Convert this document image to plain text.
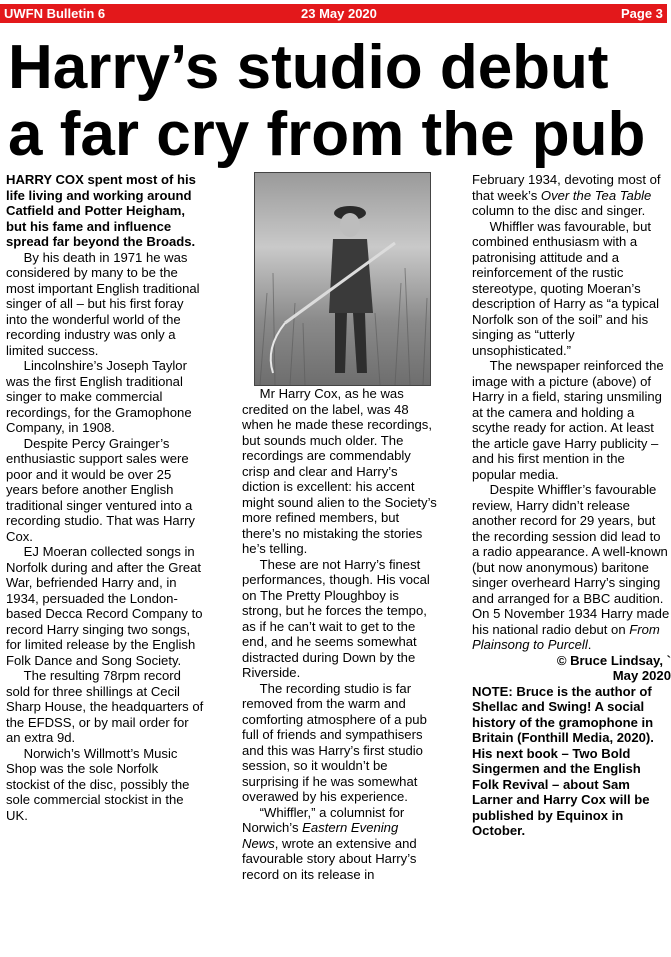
UWFN Bulletin 6	23 May 2020	Page 3
Harry’s studio debut
a far cry from the pub

HARRY COX spent most of his life living and working around Catfield and Potter Heigham, but his fame and influence spread far beyond the Broads.

By his death in 1971 he was considered by many to be the most important English traditional singer of all – but his first foray into the wonderful world of the recording industry was only a limited success.

Lincolnshire’s Joseph Taylor was the first English traditional singer to make commercial recordings, for the Gramophone Company, in 1908.

Despite Percy Grainger’s enthusiastic support sales were poor and it would be over 25 years before another English traditional singer ventured into a recording studio. That was Harry Cox.

EJ Moeran collected songs in Norfolk during and after the Great War, befriended Harry and, in 1934, persuaded the London-based Decca Record Company to record Harry singing two songs, for limited release by the English Folk Dance and Song Society.

The resulting 78rpm record sold for three shillings at Cecil Sharp House, the headquarters of the EFDSS, or by mail order for an extra 9d.

Norwich’s Willmott’s Music Shop was the sole Norfolk stockist of the disc, possibly the sole commercial stockist in the UK.

Mr Harry Cox, as he was credited on the label, was 48 when he made these recordings, but sounds much older. The recordings are commendably crisp and clear and Harry’s diction is excellent: his accent might sound alien to the Society’s more refined members, but there’s no mistaking the stories he’s telling.

These are not Harry’s finest performances, though. His vocal on The Pretty Ploughboy is strong, but he forces the tempo, as if he can’t wait to get to the end, and he seems somewhat distracted during Down by the Riverside.

The recording studio is far removed from the warm and comforting atmosphere of a pub full of friends and sympathisers and this was Harry’s first studio session, so it wouldn’t be surprising if he was somewhat overawed by his experience.

“Whiffler,” a columnist for Norwich’s Eastern Evening News, wrote an extensive and favourable story about Harry’s record on its release in

February 1934, devoting most of that week’s Over the Tea Table column to the disc and singer.

Whiffler was favourable, but combined enthusiasm with a patronising attitude and a reinforcement of the rustic stereotype, quoting Moeran’s description of Harry as “a typical Norfolk son of the soil” and his singing as “utterly unsophisticated.”

The newspaper reinforced the image with a picture (above) of Harry in a field, staring unsmiling at the camera and holding a scythe ready for action. At least the article gave Harry publicity – and his first mention in the popular media.

Despite Whiffler’s favourable review, Harry didn’t release another record for 29 years, but the recording session did lead to a radio appearance. A well-known (but now anonymous) baritone singer overheard Harry’s singing and arranged for a BBC audition. On 5 November 1934 Harry made his national radio debut on From Plainsong to Purcell.

© Bruce Lindsay, `

May 2020

NOTE: Bruce is the author of Shellac and Swing! A social history of the gramophone in Britain (Fonthill Media, 2020). His next book – Two Bold Singermen and the English Folk Revival – about Sam Larner and Harry Cox will be published by Equinox in October.
